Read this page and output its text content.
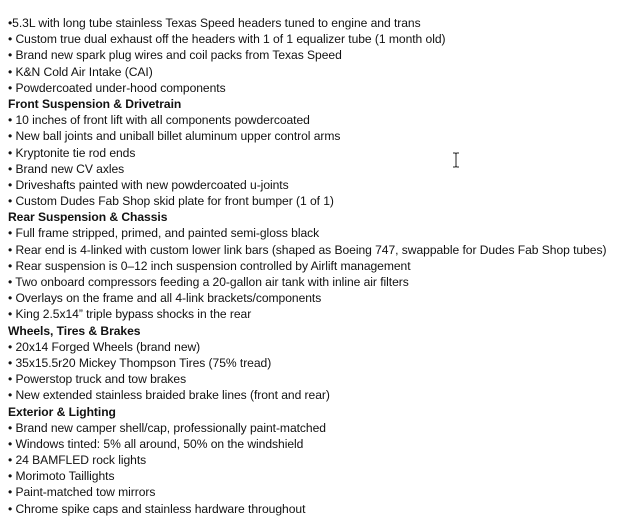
•5.3L with long tube stainless Texas Speed headers tuned to engine and trans
• Custom true dual exhaust off the headers with 1 of 1 equalizer tube (1 month old)
• Brand new spark plug wires and coil packs from Texas Speed
• K&N Cold Air Intake (CAI)
• Powdercoated under-hood components
Front Suspension & Drivetrain
• 10 inches of front lift with all components powdercoated
• New ball joints and uniball billet aluminum upper control arms
• Kryptonite tie rod ends
• Brand new CV axles
• Driveshafts painted with new powdercoated u-joints
• Custom Dudes Fab Shop skid plate for front bumper (1 of 1)
Rear Suspension & Chassis
• Full frame stripped, primed, and painted semi-gloss black
• Rear end is 4-linked with custom lower link bars (shaped as Boeing 747, swappable for Dudes Fab Shop tubes)
• Rear suspension is 0–12 inch suspension controlled by Airlift management
• Two onboard compressors feeding a 20-gallon air tank with inline air filters
• Overlays on the frame and all 4-link brackets/components
• King 2.5x14” triple bypass shocks in the rear
Wheels, Tires & Brakes
• 20x14 Forged Wheels (brand new)
• 35x15.5r20 Mickey Thompson Tires (75% tread)
• Powerstop truck and tow brakes
• New extended stainless braided brake lines (front and rear)
Exterior & Lighting
• Brand new camper shell/cap, professionally paint-matched
• Windows tinted: 5% all around, 50% on the windshield
• 24 BAMFLED rock lights
• Morimoto Taillights
• Paint-matched tow mirrors
• Chrome spike caps and stainless hardware throughout
